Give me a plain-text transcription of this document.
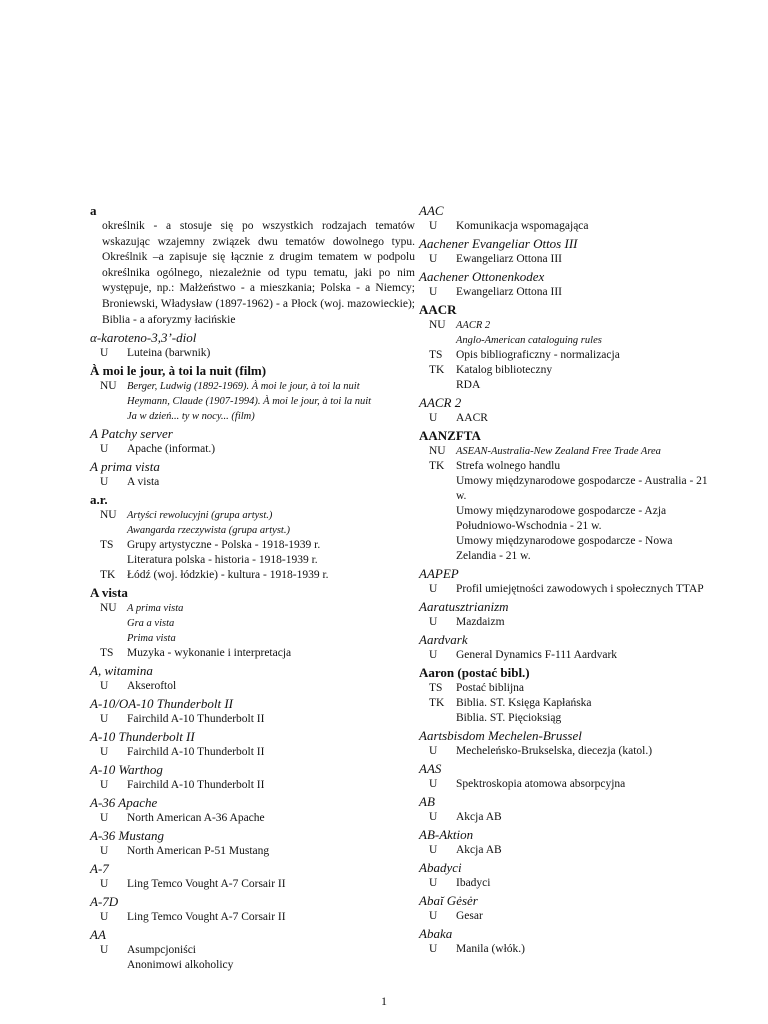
a
określnik - a stosuje się po wszystkich rodzajach tematów wskazując wzajemny związek dwu tematów dowolnego typu. Określnik –a zapisuje się łącznie z drugim tematem w podpolu określnika ogólnego, niezależnie od typu tematu, jaki po nim występuje, np.: Małżeństwo - a mieszkania; Polska - a Niemcy; Broniewski, Władysław (1897-1962) - a Płock (woj. mazowieckie); Biblia - a aforyzmy łacińskie
α-karoteno-3,3’-diol
U	Luteina (barwnik)
À moi le jour, à toi la nuit (film)
NU Berger, Ludwig (1892-1969). À moi le jour, à toi la nuit
Heymann, Claude (1907-1994). À moi le jour, à toi la nuit
Ja w dzień... ty w nocy... (film)
A Patchy server
U	Apache (informat.)
A prima vista
U	A vista
a.r.
NU Artyści rewolucyjni (grupa artyst.)
Awangarda rzeczywista (grupa artyst.)
TS	Grupy artystyczne - Polska - 1918-1939 r.
Literatura polska - historia - 1918-1939 r.
TK	Łódź (woj. łódzkie) - kultura - 1918-1939 r.
A vista
NU A prima vista
Gra a vista
Prima vista
TS	Muzyka - wykonanie i interpretacja
A, witamina
U	Akseroftol
A-10/OA-10 Thunderbolt II
U	Fairchild A-10 Thunderbolt II
A-10 Thunderbolt II
U	Fairchild A-10 Thunderbolt II
A-10 Warthog
U	Fairchild A-10 Thunderbolt II
A-36 Apache
U	North American A-36 Apache
A-36 Mustang
U	North American P-51 Mustang
A-7
U	Ling Temco Vought A-7 Corsair II
A-7D
U	Ling Temco Vought A-7 Corsair II
AA
U	Asumpcjoniści
Anonimowi alkoholicy
AAC
U	Komunikacja wspomagająca
Aachener Evangeliar Ottos III
U	Ewangeliarz Ottona III
Aachener Ottonenkodex
U	Ewangeliarz Ottona III
AACR
NU AACR 2
Anglo-American cataloguing rules
TS	Opis bibliograficzny - normalizacja
TK	Katalog biblioteczny
RDA
AACR 2
U	AACR
AANZFTA
NU ASEAN-Australia-New Zealand Free Trade Area
TK	Strefa wolnego handlu
Umowy międzynarodowe gospodarcze - Australia - 21 w.
Umowy międzynarodowe gospodarcze - Azja Południowo-Wschodnia - 21 w.
Umowy międzynarodowe gospodarcze - Nowa Zelandia - 21 w.
AAPEP
U	Profil umiejętności zawodowych i społecznych TTAP
Aaratusztrianizm
U	Mazdaizm
Aardvark
U	General Dynamics F-111 Aardvark
Aaron (postać bibl.)
TS	Postać biblijna
TK	Biblia. ST. Księga Kapłańska
Biblia. ST. Pięcioksiąg
Aartsbisdom Mechelen-Brussel
U	Mecheleńsko-Brukselska, diecezja (katol.)
AAS
U	Spektroskopia atomowa absorpcyjna
AB
U	Akcja AB
AB-Aktion
U	Akcja AB
Abadyci
U	Ibadyci
Abaĭ Gėsėr
U	Gesar
Abaka
U	Manila (włók.)
1
